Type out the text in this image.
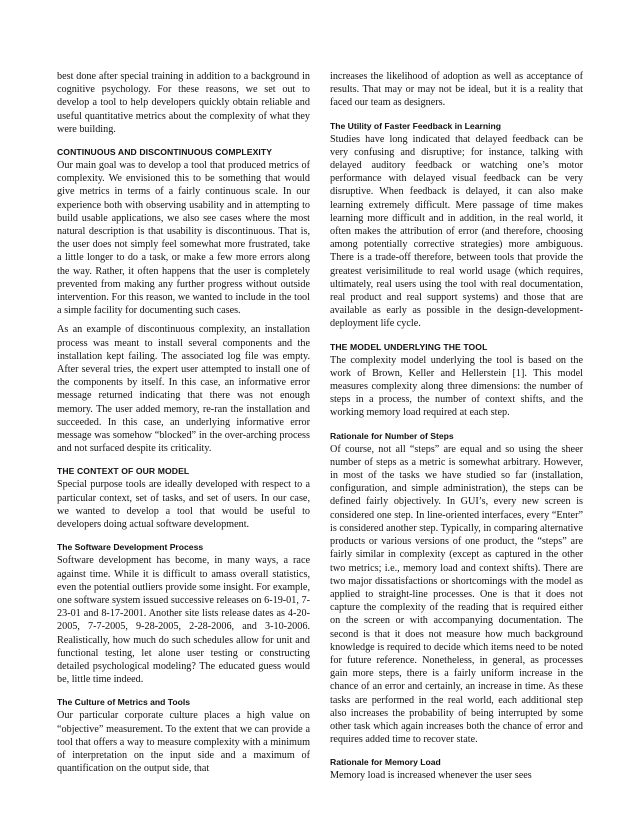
best done after special training in addition to a background in cognitive psychology. For these reasons, we set out to develop a tool to help developers quickly obtain reliable and useful quantitative metrics about the complexity of what they were building.

CONTINUOUS AND DISCONTINUOUS COMPLEXITY

Our main goal was to develop a tool that produced metrics of complexity. We envisioned this to be something that would give metrics in terms of a fairly continuous scale. In our experience both with observing usability and in attempting to build usable applications, we also see cases where the most natural description is that usability is discontinuous. That is, the user does not simply feel somewhat more frustrated, take a little longer to do a task, or make a few more errors along the way. Rather, it often happens that the user is completely prevented from making any further progress without outside intervention. For this reason, we wanted to include in the tool a simple facility for documenting such cases.

As an example of discontinuous complexity, an installation process was meant to install several components and the installation kept failing. The associated log file was empty. After several tries, the expert user attempted to install one of the components by itself. In this case, an informative error message returned indicating that there was not enough memory. The user added memory, re-ran the installation and succeeded. In this case, an underlying informative error message was somehow “blocked” in the over-arching process and not surfaced despite its criticality.

THE CONTEXT OF OUR MODEL

Special purpose tools are ideally developed with respect to a particular context, set of tasks, and set of users. In our case, we wanted to develop a tool that would be useful to developers doing actual software development.

The Software Development Process

Software development has become, in many ways, a race against time. While it is difficult to amass overall statistics, even the potential outliers provide some insight. For example, one software system issued successive releases on 6-19-01, 7-23-01 and 8-17-2001. Another site lists release dates as 4-20-2005, 7-7-2005, 9-28-2005, 2-28-2006, and 3-10-2006. Realistically, how much do such schedules allow for unit and functional testing, let alone user testing or constructing detailed psychological modeling? The educated guess would be, little time indeed.

The Culture of Metrics and Tools

Our particular corporate culture places a high value on “objective” measurement. To the extent that we can provide a tool that offers a way to measure complexity with a minimum of interpretation on the input side and a maximum of quantification on the output side, that

increases the likelihood of adoption as well as acceptance of results. That may or may not be ideal, but it is a reality that faced our team as designers.

The Utility of Faster Feedback in Learning

Studies have long indicated that delayed feedback can be very confusing and disruptive; for instance, talking with delayed auditory feedback or watching one’s motor performance with delayed visual feedback can be very disruptive. When feedback is delayed, it can also make learning extremely difficult. Mere passage of time makes learning more difficult and in addition, in the real world, it often makes the attribution of error (and therefore, choosing among potentially corrective strategies) more ambiguous. There is a trade-off therefore, between tools that provide the greatest verisimilitude to real world usage (which requires, ultimately, real users using the tool with real documentation, real product and real support systems) and those that are available as early as possible in the design-development-deployment life cycle.

THE MODEL UNDERLYING THE TOOL

The complexity model underlying the tool is based on the work of Brown, Keller and Hellerstein [1]. This model measures complexity along three dimensions: the number of steps in a process, the number of context shifts, and the working memory load required at each step.

Rationale for Number of Steps

Of course, not all “steps” are equal and so using the sheer number of steps as a metric is somewhat arbitrary. However, in most of the tasks we have studied so far (installation, configuration, and simple administration), the steps can be defined fairly objectively. In GUI’s, every new screen is considered one step. In line-oriented interfaces, every “Enter” is considered another step. Typically, in comparing alternative products or various versions of one product, the “steps” are fairly similar in complexity (except as captured in the other two metrics; i.e., memory load and context shifts). There are two major dissatisfactions or shortcomings with the model as applied to straight-line processes. One is that it does not capture the complexity of the reading that is required either on the screen or with accompanying documentation. The second is that it does not measure how much background knowledge is required to decide which items need to be noted for future reference. Nonetheless, in general, as processes gain more steps, there is a fairly uniform increase in the chance of an error and certainly, an increase in time. As these tasks are performed in the real world, each additional step also increases the probability of being interrupted by some other task which again increases both the chance of error and requires added time to recover state.

Rationale for Memory Load

Memory load is increased whenever the user sees
